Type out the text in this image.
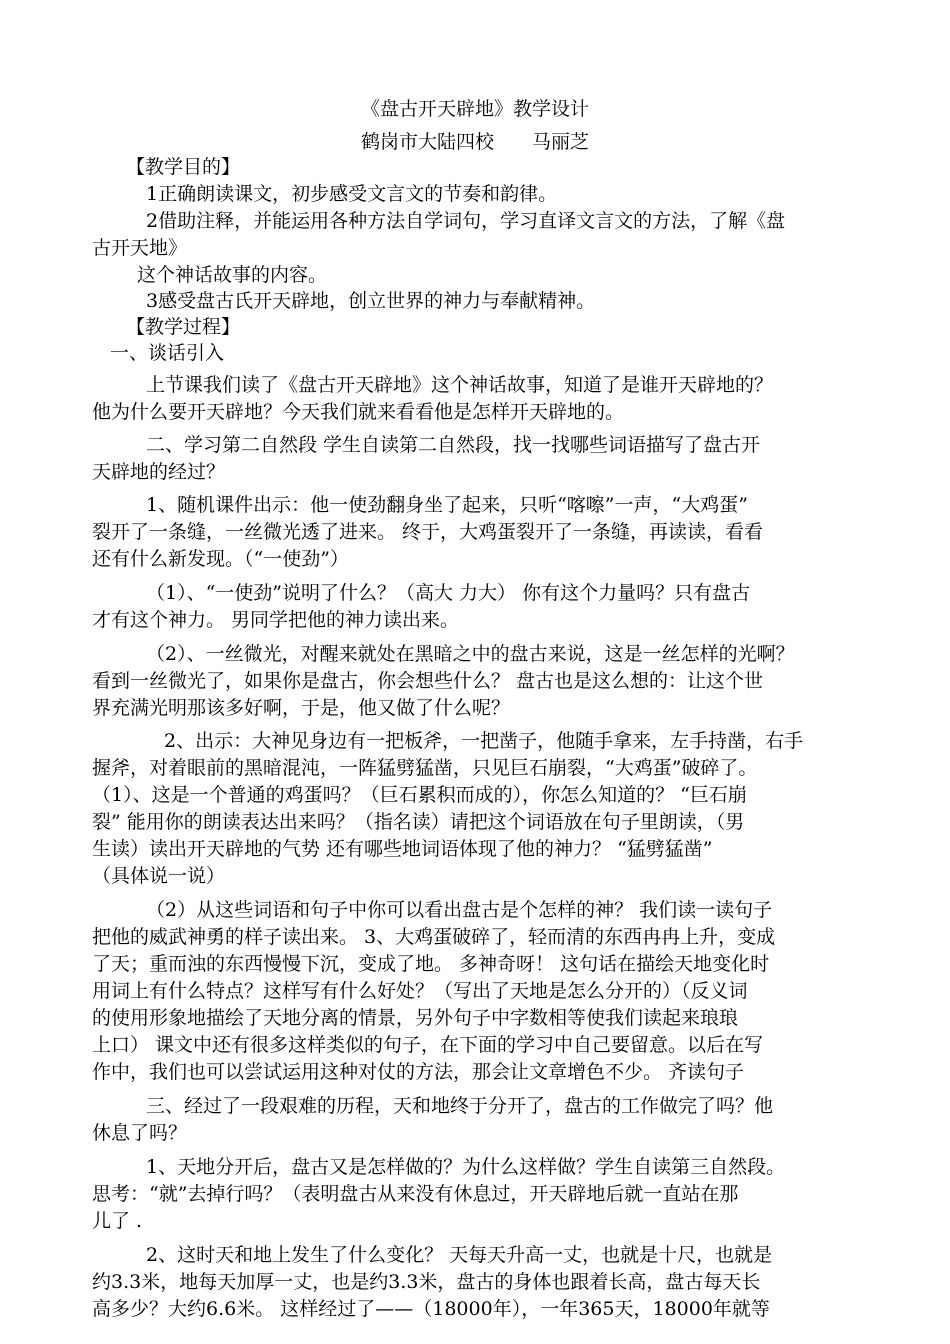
《盘古开天辟地》教学设计
鹤岗市大陆四校　　马丽芝
【教学目的】
1正确朗读课文，初步感受文言文的节奏和韵律。
2借助注释，并能运用各种方法自学词句，学习直译文言文的方法，了解《盘
古开天地》
这个神话故事的内容。
3感受盘古氏开天辟地，创立世界的神力与奉献精神。
【教学过程】
一、谈话引入
上节课我们读了《盘古开天辟地》这个神话故事，知道了是谁开天辟地的？
他为什么要开天辟地？今天我们就来看看他是怎样开天辟地的。
二、学习第二自然段 学生自读第二自然段，找一找哪些词语描写了盘古开
天辟地的经过？
1、随机课件出示：他一使劲翻身坐了起来，只听“喀嚓”一声，“大鸡蛋”
裂开了一条缝，一丝微光透了进来。 终于，大鸡蛋裂开了一条缝，再读读，看看
还有什么新发现。（“一使劲”）
（1）、“一使劲”说明了什么？（高大 力大） 你有这个力量吗？只有盘古
才有这个神力。 男同学把他的神力读出来。
（2）、一丝微光，对醒来就处在黑暗之中的盘古来说，这是一丝怎样的光啊？
看到一丝微光了，如果你是盘古，你会想些什么？ 盘古也是这么想的：让这个世
界充满光明那该多好啊，于是，他又做了什么呢？
2、出示：大神见身边有一把板斧，一把凿子，他随手拿来，左手持凿，右手
握斧，对着眼前的黑暗混沌，一阵猛劈猛凿，只见巨石崩裂，“大鸡蛋”破碎了。
（1）、这是一个普通的鸡蛋吗？（巨石累积而成的），你怎么知道的？ “巨石崩
裂” 能用你的朗读表达出来吗？（指名读）请把这个词语放在句子里朗读，（男
生读）读出开天辟地的气势 还有哪些地词语体现了他的神力？ “猛劈猛凿”
（具体说一说）
（2）从这些词语和句子中你可以看出盘古是个怎样的神？ 我们读一读句子
把他的威武神勇的样子读出来。 3、大鸡蛋破碎了，轻而清的东西冉冉上升，变成
了天；重而浊的东西慢慢下沉，变成了地。 多神奇呀！ 这句话在描绘天地变化时
用词上有什么特点？这样写有什么好处？（写出了天地是怎么分开的）（反义词
的使用形象地描绘了天地分离的情景，另外句子中字数相等使我们读起来琅琅
上口） 课文中还有很多这样类似的句子，在下面的学习中自己要留意。以后在写
作中，我们也可以尝试运用这种对仗的方法，那会让文章增色不少。 齐读句子
三、经过了一段艰难的历程，天和地终于分开了，盘古的工作做完了吗？他
休息了吗？
1、天地分开后，盘古又是怎样做的？为什么这样做？学生自读第三自然段。
思考：“就”去掉行吗？（表明盘古从来没有休息过，开天辟地后就一直站在那
儿了 .
2、这时天和地上发生了什么变化？ 天每天升高一丈，也就是十尺，也就是
约3.3米，地每天加厚一丈，也是约3.3米，盘古的身体也跟着长高，盘古每天长
高多少？大约6.6米。 这样经过了——（18000年），一年365天，18000年就等
